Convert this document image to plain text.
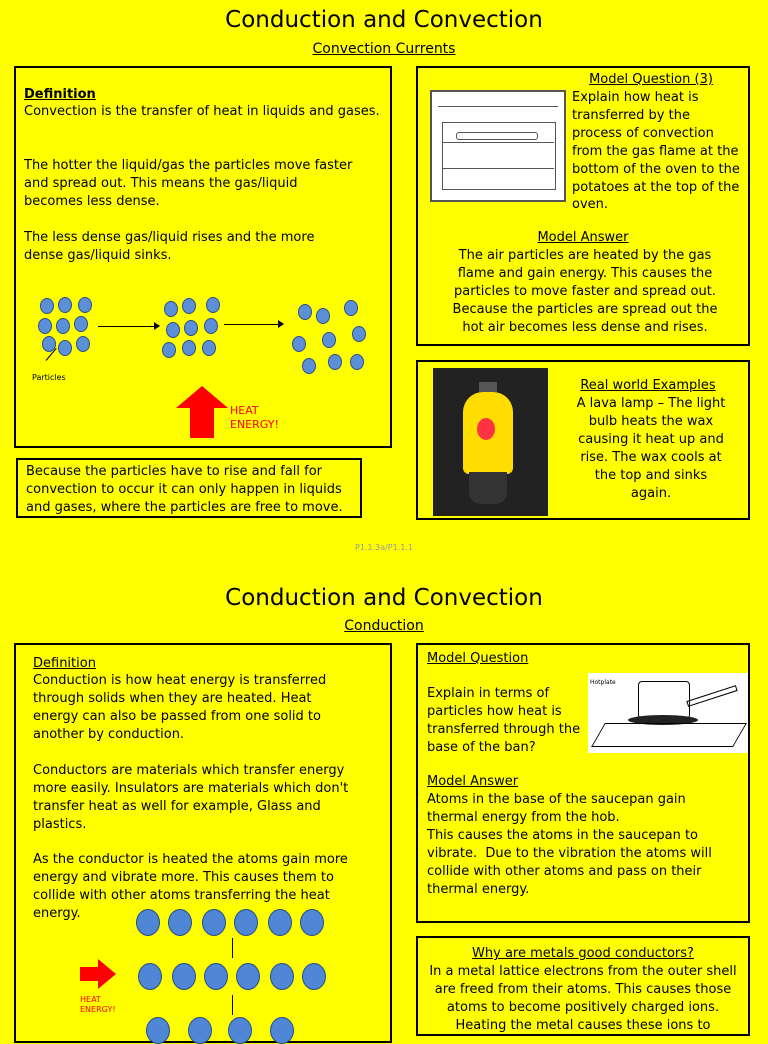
Conduction and Convection
Convection Currents
Definition
Convection is the transfer of heat in liquids and gases.
The hotter the liquid/gas the particles move faster and spread out. This means the gas/liquid becomes less dense.
The less dense gas/liquid rises and the more dense gas/liquid sinks.
Particles
HEAT ENERGY!
Because the particles have to rise and fall for convection to occur it can only happen in liquids and gases, where the particles are free to move.
Model Question (3)
Explain how heat is transferred by the process of convection from the gas flame at the bottom of the oven to the potatoes at the top of the oven.
Model Answer
The air particles are heated by the gas flame and gain energy. This causes the particles to move faster and spread out. Because the particles are spread out the hot air becomes less dense and rises.
Real world Examples
A lava lamp – The light bulb heats the wax causing it heat up and rise. The wax cools at the top and sinks again.
P1.1.3a/P1.1.1
Conduction and Convection
Conduction
Definition
Conduction is how heat energy is transferred through solids when they are heated. Heat energy can also be passed from one solid to another by conduction.
Conductors are materials which transfer energy more easily. Insulators are materials which don't transfer heat as well for example, Glass and plastics.
As the conductor is heated the atoms gain more energy and vibrate more. This causes them to collide with other atoms transferring the heat energy.
HEAT ENERGY!
Model Question
Explain in terms of particles how heat is transferred through the base of the ban?
Hotplate
Model Answer
Atoms in the base of the saucepan gain thermal energy from the hob.
This causes the atoms in the saucepan to vibrate.  Due to the vibration the atoms will collide with other atoms and pass on their thermal energy.
Why are metals good conductors?
In a metal lattice electrons from the outer shell are freed from their atoms. This causes those atoms to become positively charged ions. Heating the metal causes these ions to
